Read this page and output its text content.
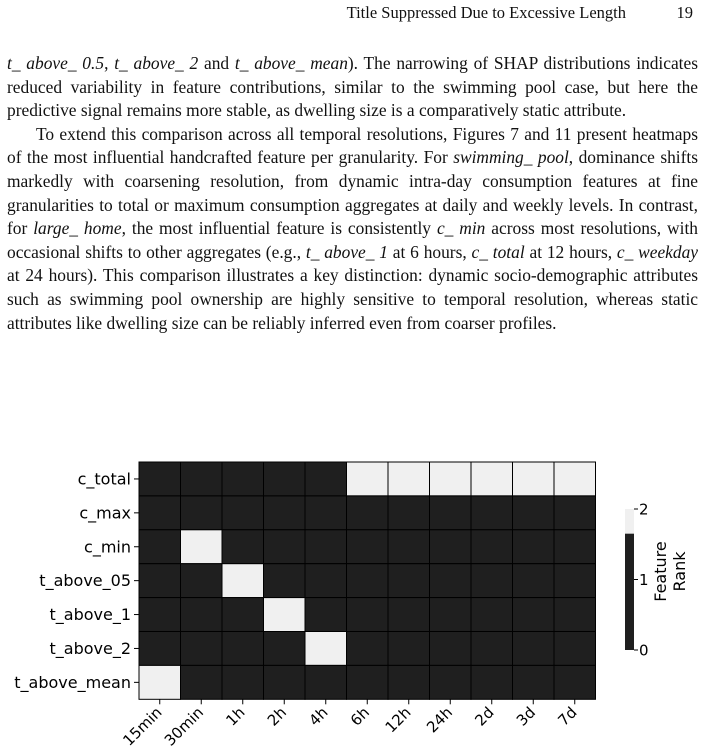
Title Suppressed Due to Excessive Length	19

t_ above_ 0.5, t_ above_ 2 and t_ above_ mean). The narrowing of SHAP distributions indicates reduced variability in feature contributions, similar to the swimming pool case, but here the predictive signal remains more stable, as dwelling size is a comparatively static attribute.

To extend this comparison across all temporal resolutions, Figures 7 and 11 present heatmaps of the most influential handcrafted feature per granularity. For swimming_ pool, dominance shifts markedly with coarsening resolution, from dynamic intra-day consumption features at fine granularities to total or maximum consumption aggregates at daily and weekly levels. In contrast, for large_ home, the most influential feature is consistently c_ min across most resolutions, with occasional shifts to other aggregates (e.g., t_ above_ 1 at 6 hours, c_ total at 12 hours, c_ weekday at 24 hours). This comparison illustrates a key distinction: dynamic socio-demographic attributes such as swimming pool ownership are highly sensitive to temporal resolution, whereas static attributes like dwelling size can be reliably inferred even from coarser profiles.

c_total
c_max
c_min
t_above_05
t_above_1
t_above_2
t_above_mean
15min
30min 1h 2h 4h 6h 12h 24h 2d 3d 7d
0
1
2
FeatureRank
